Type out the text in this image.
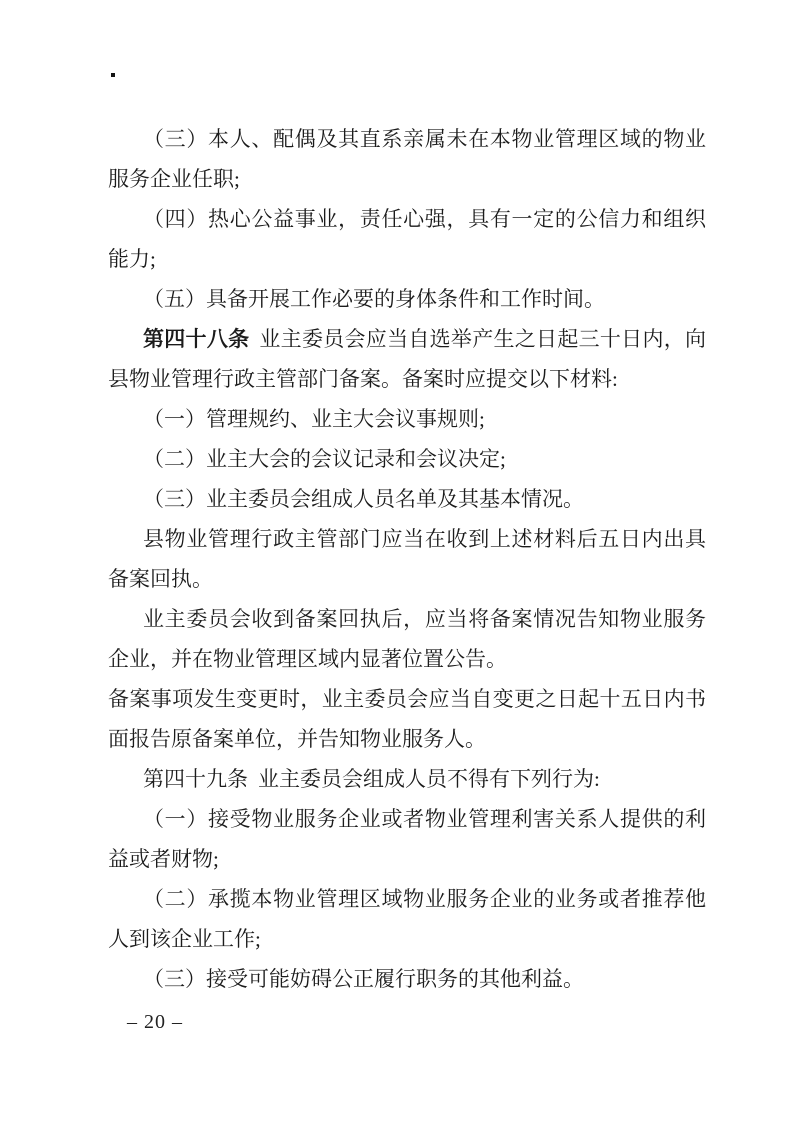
（三）本人、配偶及其直系亲属未在本物业管理区域的物业
服务企业任职;
（四）热心公益事业，责任心强，具有一定的公信力和组织
能力;
（五）具备开展工作必要的身体条件和工作时间。
第四十八条 业主委员会应当自选举产生之日起三十日内，向
县物业管理行政主管部门备案。备案时应提交以下材料:
（一）管理规约、业主大会议事规则;
（二）业主大会的会议记录和会议决定;
（三）业主委员会组成人员名单及其基本情况。
县物业管理行政主管部门应当在收到上述材料后五日内出具
备案回执。
业主委员会收到备案回执后，应当将备案情况告知物业服务
企业，并在物业管理区域内显著位置公告。
备案事项发生变更时，业主委员会应当自变更之日起十五日内书
面报告原备案单位，并告知物业服务人。
第四十九条 业主委员会组成人员不得有下列行为:
（一）接受物业服务企业或者物业管理利害关系人提供的利
益或者财物;
（二）承揽本物业管理区域物业服务企业的业务或者推荐他
人到该企业工作;
（三）接受可能妨碍公正履行职务的其他利益。
– 20 –
